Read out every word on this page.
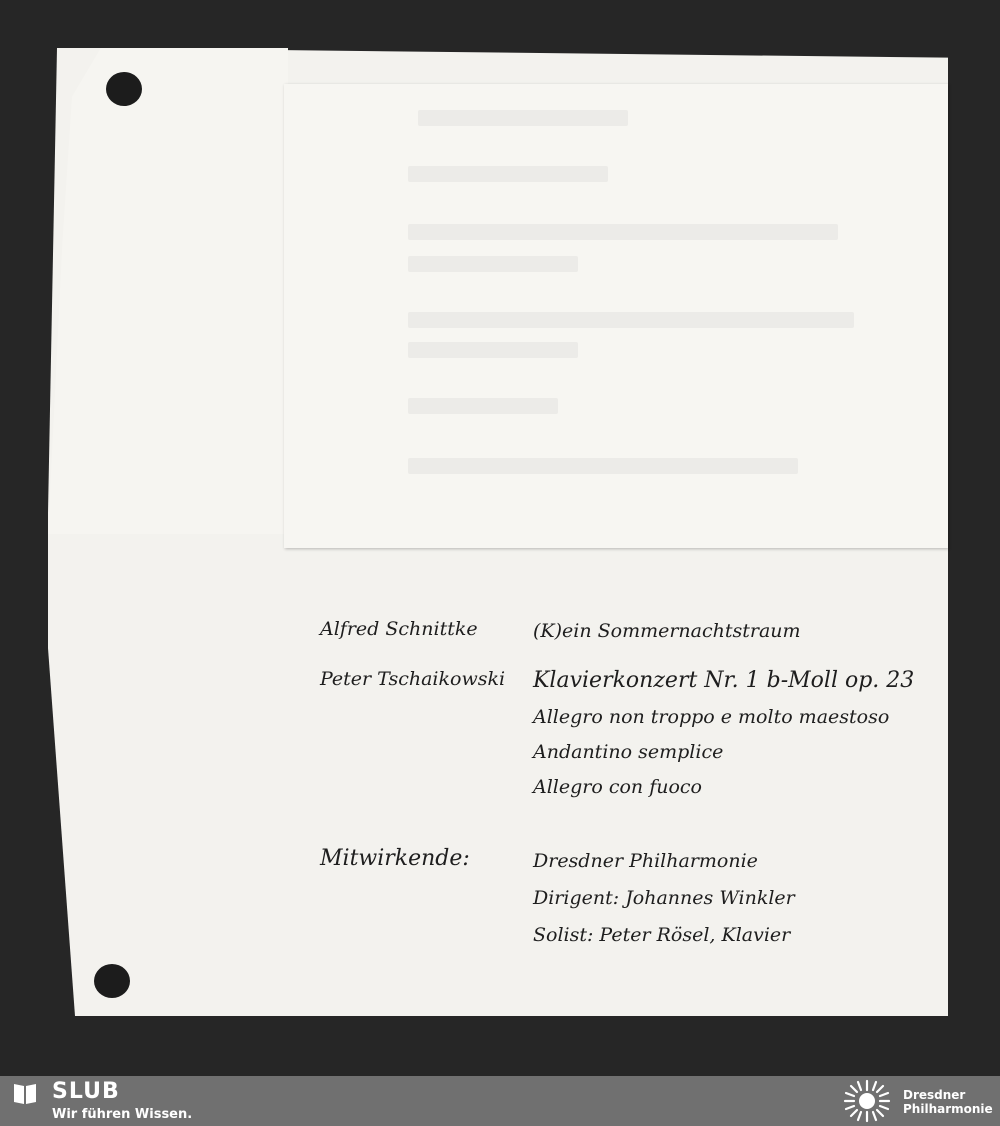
Alfred Schnittke	(K)ein Sommernachtstraum
Peter Tschaikowski Klavierkonzert Nr. 1 b-Moll op. 23
Allegro non troppo e molto maestoso
Andantino semplice
Allegro con fuoco
Mitwirkende:	Dresdner Philharmonie
Dirigent: Johannes Winkler
Solist: Peter Rösel, Klavier
SLUB
Wir führen Wissen.
Dresdner
Philharmonie
